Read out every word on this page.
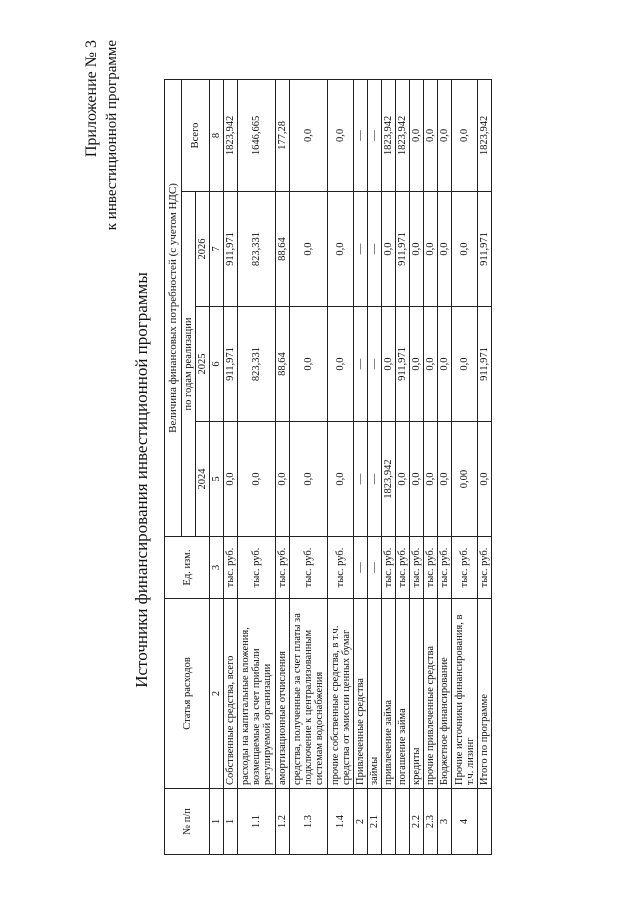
Приложение № 3 к инвестиционной программе
Источники финансирования инвестиционной программы
№ п/п	Статья расходов	Ед. изм.	Величина финансовых потребностей (с учетом НДС)			
			по годам реализации			Всего
			2024	2025	2026	
1	2	3	5	6	7	8
1	Собственные средства, всего	тыс. руб.	0,0	911,971	911,971	1823,942
1.1	расходы на капитальные вложения, возмещаемые за счет прибыли регулируемой организации	тыс. руб.	0,0	823,331	823,331	1646,665
1.2	амортизационные отчисления	тыс. руб.	0,0	88,64	88,64	177,28
1.3	средства, полученные за счет платы за подключение к централизованным системам водоснабжения	тыс. руб.	0,0	0,0	0,0	0,0
1.4	прочие собственные средства, в т.ч. средства от эмиссии ценных бумаг	тыс. руб.	0,0	0,0	0,0	0,0
2	Привлеченные средства	—	—	—	—	—
2.1	займы	—	—	—	—	—
	привлечение займа	тыс. руб.	1823,942	0,0	0,0	1823,942
	погашение займа	тыс. руб.	0,0	911,971	911,971	1823,942
2.2	кредиты	тыс. руб.	0,0	0,0	0,0	0,0
2.3	прочие привлеченные средства	тыс. руб.	0,0	0,0	0,0	0,0
3	Бюджетное финансирование	тыс. руб.	0,0	0,0	0,0	0,0
4	Прочие источники финансирования, в т.ч. лизинг	тыс. руб.	0,00	0,0	0,0	0,0
	Итого по программе	тыс. руб.	0,0	911,971	911,971	1823,942
